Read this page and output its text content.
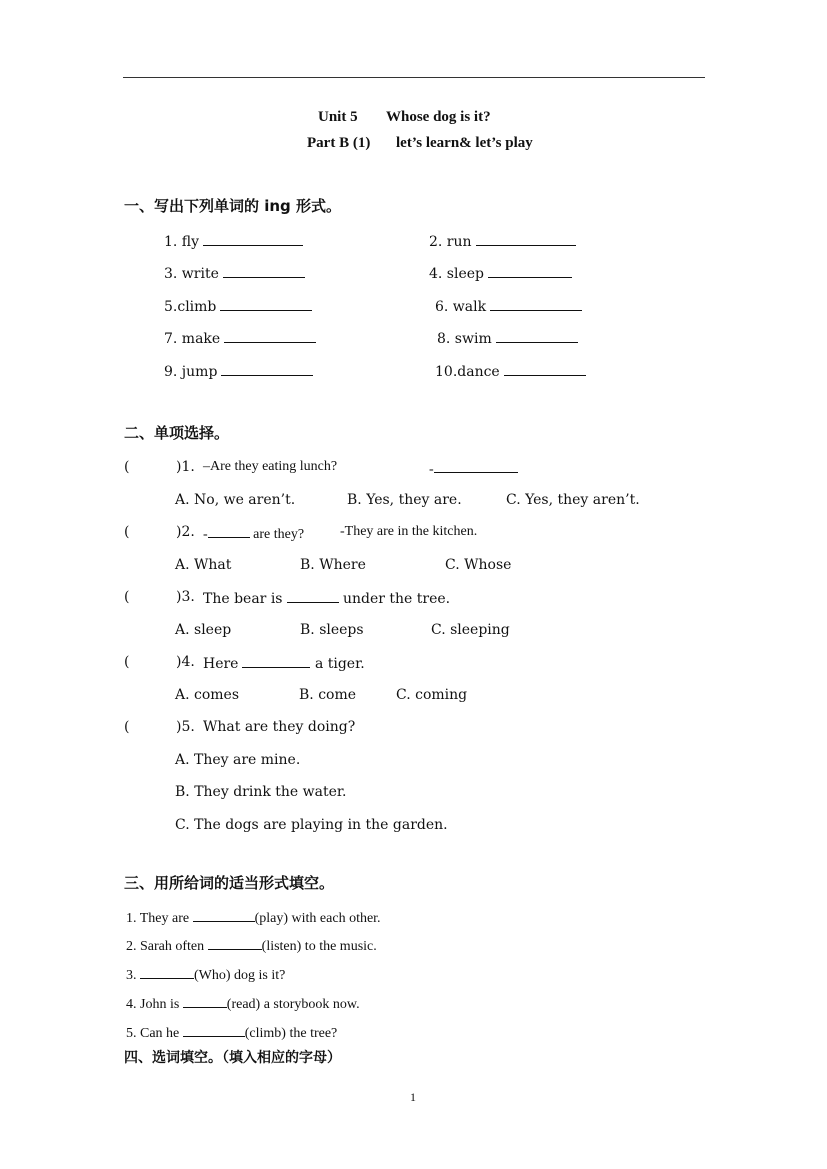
Unit 5 Whose dog is it?
Part B (1) let’s learn& let’s play
一、写出下列单词的 ing 形式。
1. fly	2. run
3. write	4. sleep
5.climb	6. walk
7. make	8. swim
9. jump	10.dance
二、单项选择。
(	)1. –Are they eating lunch?	-
A. No, we aren’t.	B. Yes, they are.	C. Yes, they aren’t.
(	)2. -	are they?	-They are in the kitchen.
A. What	B. Where	C. Whose
(	)3. The bear is	under the tree.
A. sleep	B. sleeps	C. sleeping
(	)4. Here	a tiger.
A. comes	B. come	C. coming
(	)5. What are they doing?
A. They are mine.
B. They drink the water.
C. The dogs are playing in the garden.
三、用所给词的适当形式填空。
1. They are	(play) with each other.
2. Sarah often	(listen) to the music.
3.	(Who) dog is it?
4. John is	(read) a storybook now.
5. Can he	(climb) the tree?
四、选词填空。（填入相应的字母）
1
